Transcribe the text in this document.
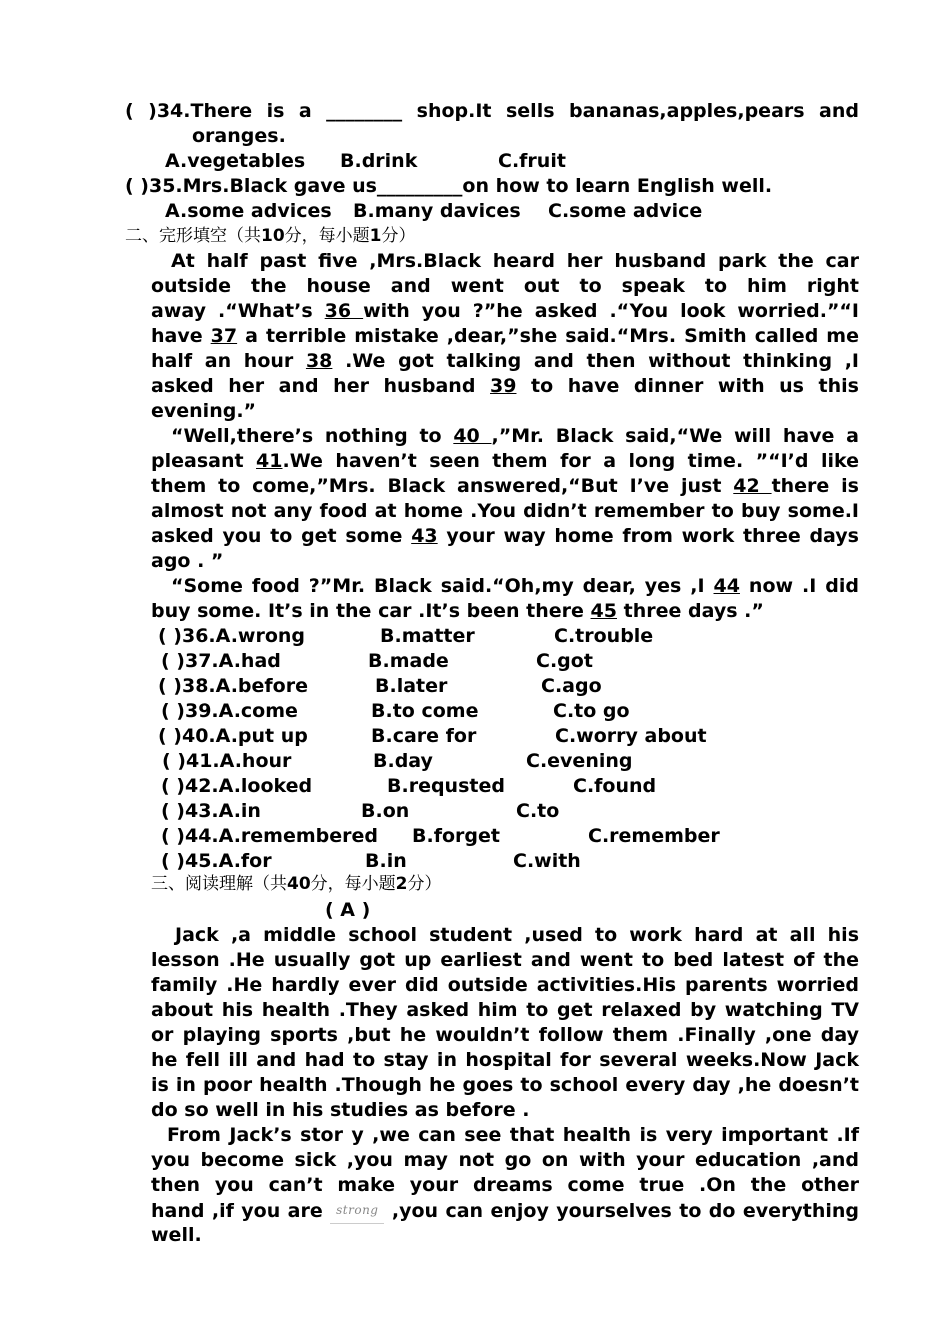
( )34.There is a ________ shop.It sells bananas,apples,pears and
oranges.
A.vegetables B.drink	C.fruit
( )35.Mrs.Black gave us_________on how to learn English well.
A.some advices B.many davices C.some advice
二、完形填空（共10分，每小题1分）
At half past five ,Mrs.Black heard her husband park the car
outside the house and went out to speak to him right
away .“What’s 36 with you ?”he asked .“You look worried.”“I
have 37 a terrible mistake ,dear,”she said.“Mrs. Smith called me
half an hour 38 .We got talking and then without thinking ,I
asked her and her husband 39 to have dinner with us this
evening.”
“Well,there’s nothing to 40 ,”Mr. Black said,“We will have a
pleasant 41.We haven’t seen them for a long time. ”“I’d like
them to come,”Mrs. Black answered,“But I’ve just 42 there is
almost not any food at home .You didn’t remember to buy some.I
asked you to get some 43 your way home from work three days
ago . ”
“Some food ?”Mr. Black said.“Oh,my dear, yes ,I 44 now .I did
buy some. It’s in the car .It’s been there 45 three days .”
( )36.A.wrong	B.matter	C.trouble
( )37.A.had	B.made	C.got
( )38.A.before	B.later	C.ago
( )39.A.come	B.to come	C.to go
( )40.A.put up	B.care for	C.worry about
( )41.A.hour	B.day	C.evening
( )42.A.looked	B.requsted	C.found
( )43.A.in	B.on	C.to
( )44.A.remembered B.forget	C.remember
( )45.A.for	B.in	C.with
三、阅读理解（共40分，每小题2分）
( A )
Jack ,a middle school student ,used to work hard at all his
lesson .He usually got up earliest and went to bed latest of the
family .He hardly ever did outside activities.His parents worried
about his health .They asked him to get relaxed by watching TV
or playing sports ,but he wouldn’t follow them .Finally ,one day
he fell ill and had to stay in hospital for several weeks.Now Jack
is in poor health .Though he goes to school every day ,he doesn’t
do so well in his studies as before .
From Jack’s stor y ,we can see that health is very important .If
you become sick ,you may not go on with your education ,and
then you can’t make your dreams come true .On the other
hand ,if you are strong ,you can enjoy yourselves to do everything
well.
